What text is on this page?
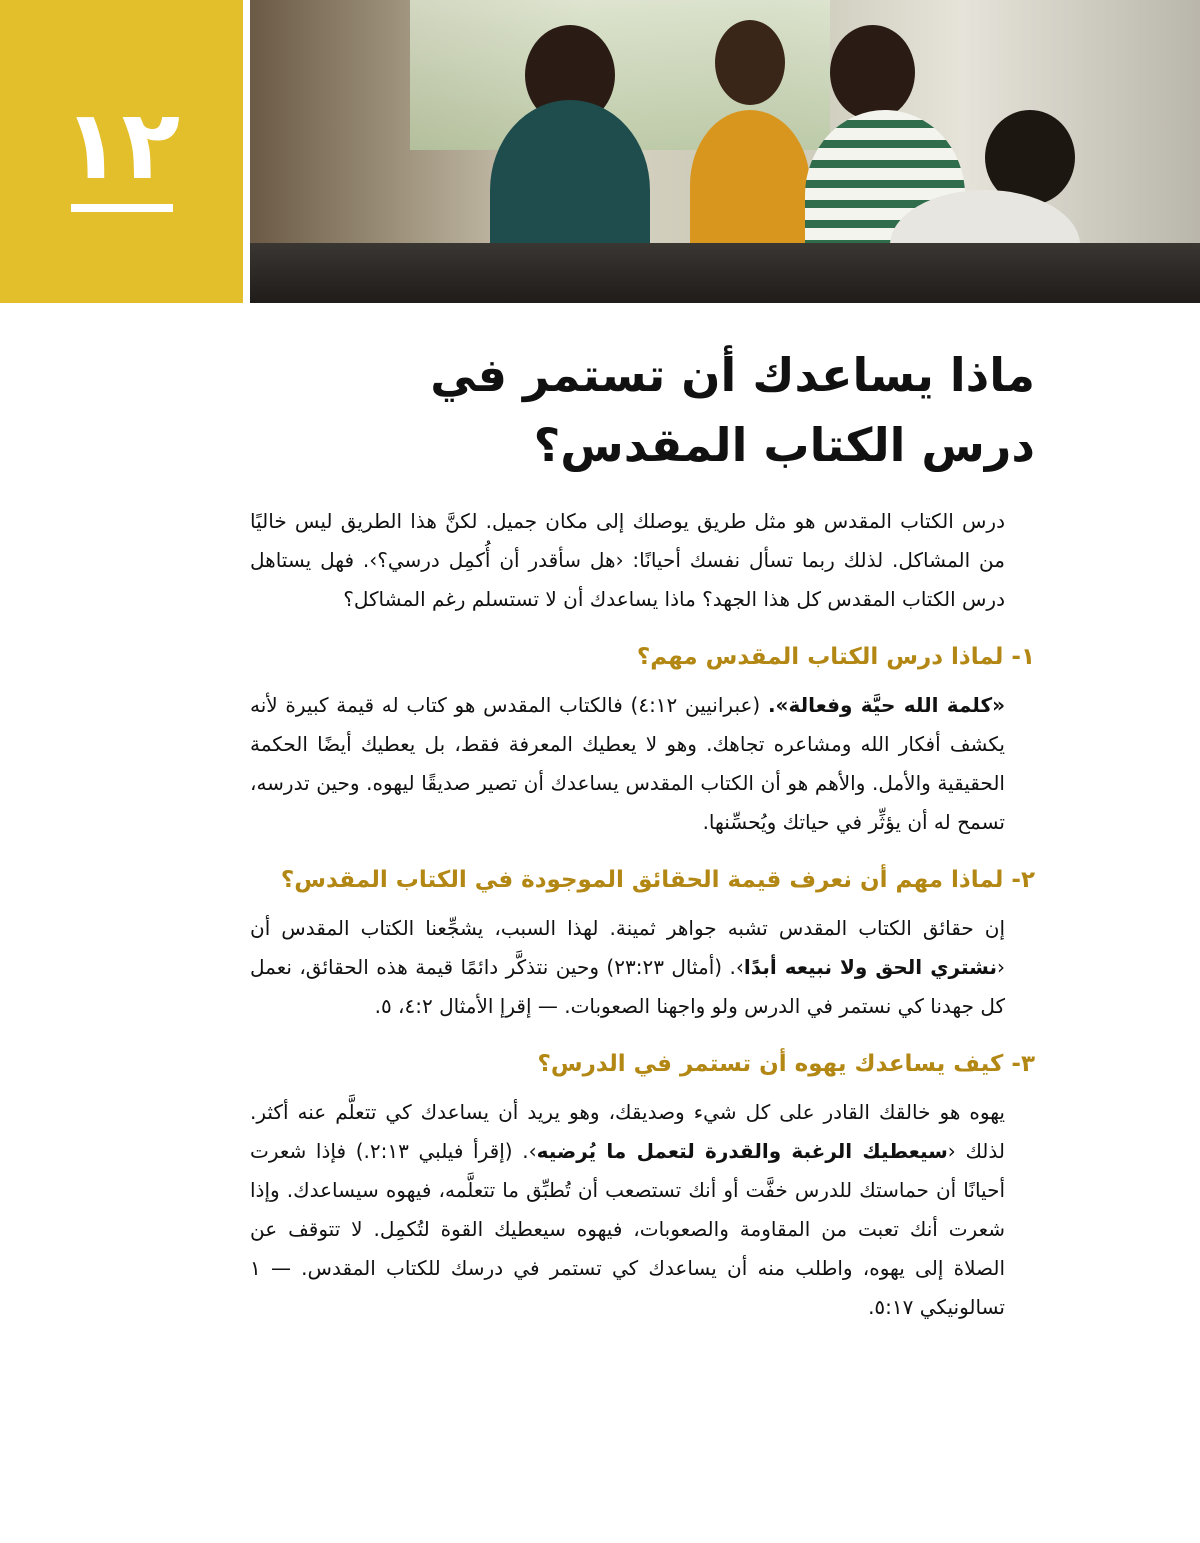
١٢
ماذا يساعدك أن تستمر في
درس الكتاب المقدس؟

درس الكتاب المقدس هو مثل طريق يوصلك إلى مكان جميل. لكنَّ هذا الطريق ليس خاليًا من المشاكل. لذلك ربما تسأل نفسك أحيانًا: ‹هل سأقدر أن أُكمِل درسي؟›. فهل يستاهل درس الكتاب المقدس كل هذا الجهد؟ ماذا يساعدك أن لا تستسلم رغم المشاكل؟

١- لماذا درس الكتاب المقدس مهم؟

«كلمة الله حيَّة وفعالة». (عبرانيين ٤:١٢) فالكتاب المقدس هو كتاب له قيمة كبيرة لأنه يكشف أفكار الله ومشاعره تجاهك. وهو لا يعطيك المعرفة فقط، بل يعطيك أيضًا الحكمة الحقيقية والأمل. والأهم هو أن الكتاب المقدس يساعدك أن تصير صديقًا ليهوه. وحين تدرسه، تسمح له أن يؤثِّر في حياتك ويُحسِّنها.

٢- لماذا مهم أن نعرف قيمة الحقائق الموجودة في الكتاب المقدس؟

إن حقائق الكتاب المقدس تشبه جواهر ثمينة. لهذا السبب، يشجِّعنا الكتاب المقدس أن ‹نشتري الحق ولا نبيعه أبدًا›. (أمثال ٢٣:٢٣) وحين نتذكَّر دائمًا قيمة هذه الحقائق، نعمل كل جهدنا كي نستمر في الدرس ولو واجهنا الصعوبات. — إقرإ الأمثال ٤:٢، ٥.

٣- كيف يساعدك يهوه أن تستمر في الدرس؟

يهوه هو خالقك القادر على كل شيء وصديقك، وهو يريد أن يساعدك كي تتعلَّم عنه أكثر. لذلك ‹سيعطيك الرغبة والقدرة لتعمل ما يُرضيه›. (إقرأ فيلبي ٢:١٣.) فإذا شعرت أحيانًا أن حماستك للدرس خفَّت أو أنك تستصعب أن تُطبِّق ما تتعلَّمه، فيهوه سيساعدك. وإذا شعرت أنك تعبت من المقاومة والصعوبات، فيهوه سيعطيك القوة لتُكمِل. لا تتوقف عن الصلاة إلى يهوه، واطلب منه أن يساعدك كي تستمر في درسك للكتاب المقدس. — ١ تسالونيكي ٥:١٧.
